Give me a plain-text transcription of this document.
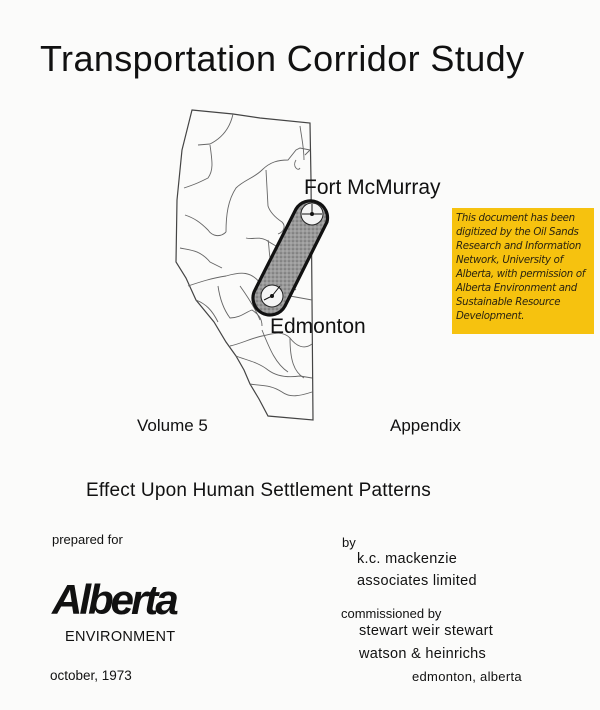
Transportation Corridor Study
Fort McMurray
Edmonton
This document has been digitized by the Oil Sands Research and Information Network, University of Alberta, with permission of Alberta Environment and Sustainable Resource Development.
Volume 5	Appendix
Effect Upon Human Settlement Patterns
prepared for
Alberta
ENVIRONMENT
october, 1973
by
k.c. mackenzie
associates limited
commissioned by
stewart weir stewart
watson & heinrichs
edmonton, alberta
